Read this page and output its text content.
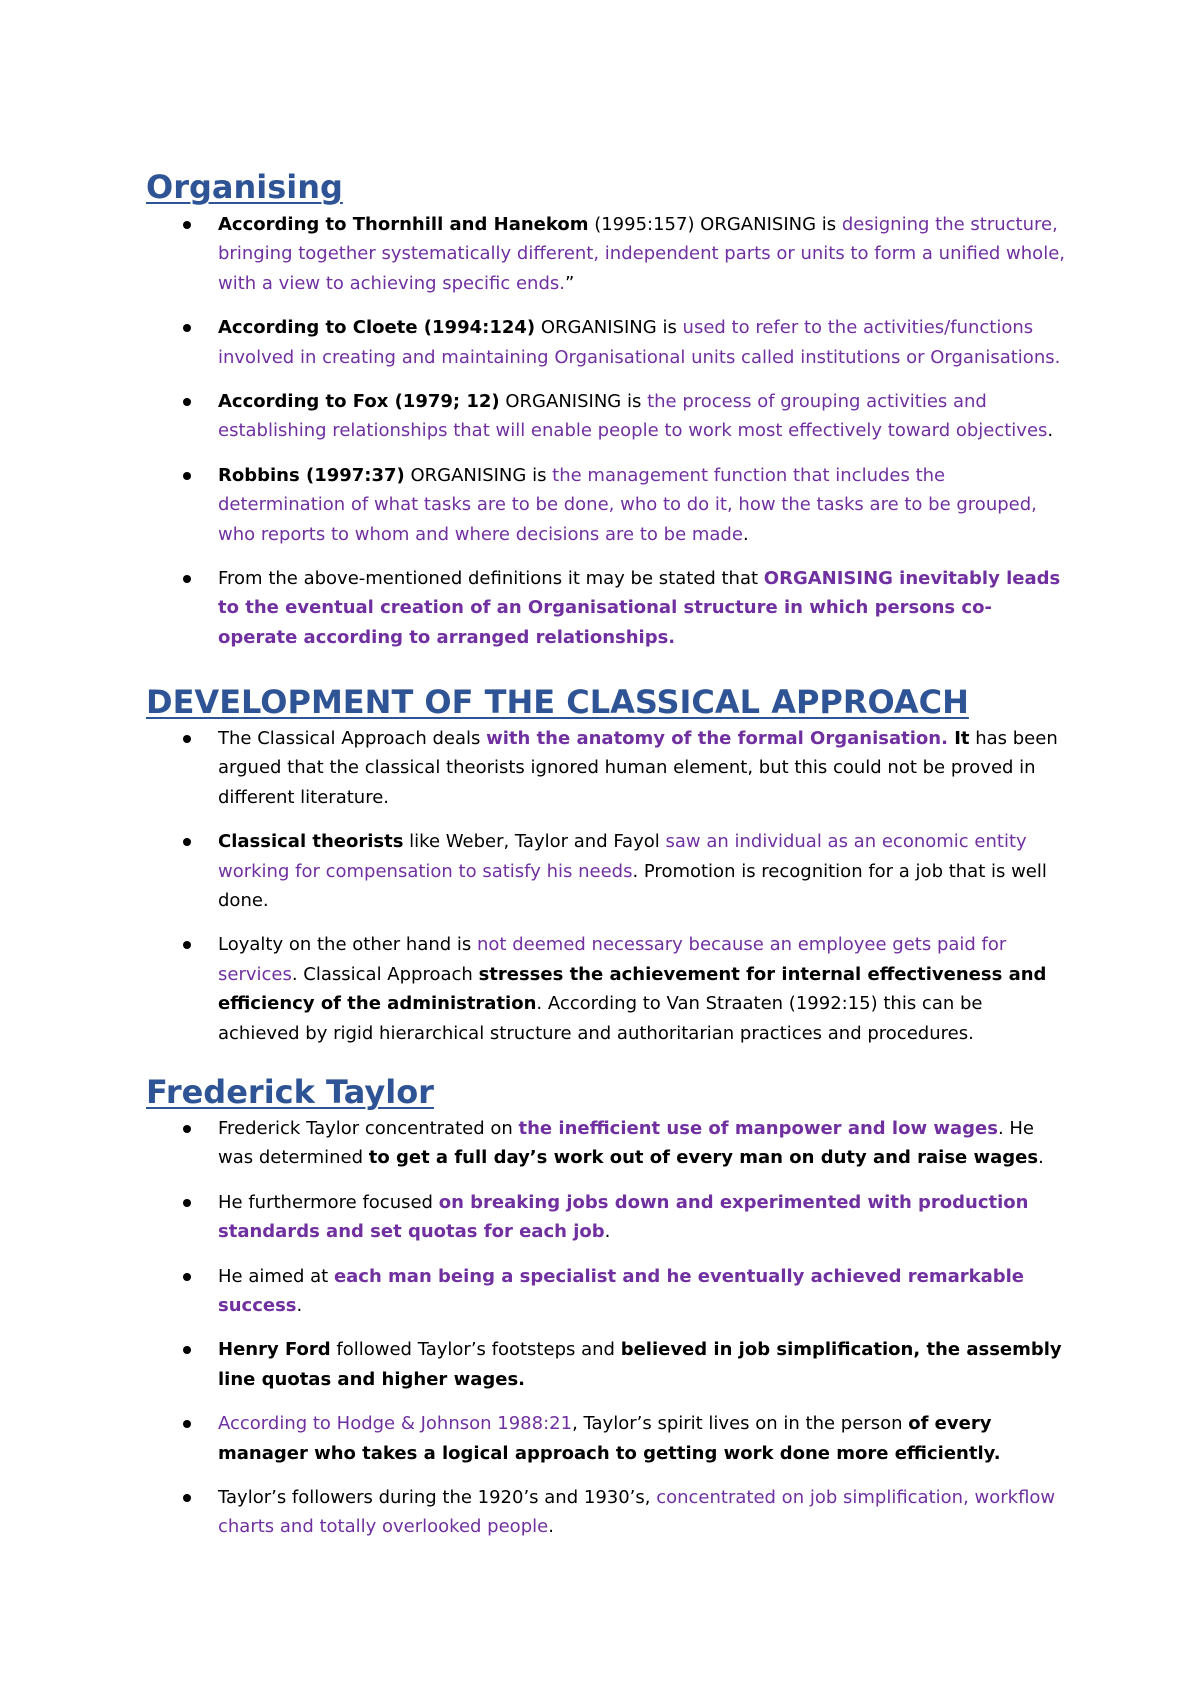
Organising
According to Thornhill and Hanekom (1995:157) ORGANISING is designing the structure, bringing together systematically different, independent parts or units to form a unified whole, with a view to achieving specific ends.”
According to Cloete (1994:124) ORGANISING is used to refer to the activities/functions involved in creating and maintaining Organisational units called institutions or Organisations.
According to Fox (1979; 12) ORGANISING is the process of grouping activities and establishing relationships that will enable people to work most effectively toward objectives.
Robbins (1997:37) ORGANISING is the management function that includes the determination of what tasks are to be done, who to do it, how the tasks are to be grouped, who reports to whom and where decisions are to be made.
From the above-mentioned definitions it may be stated that ORGANISING inevitably leads to the eventual creation of an Organisational structure in which persons co-operate according to arranged relationships.
DEVELOPMENT OF THE CLASSICAL APPROACH
The Classical Approach deals with the anatomy of the formal Organisation. It has been argued that the classical theorists ignored human element, but this could not be proved in different literature.
Classical theorists like Weber, Taylor and Fayol saw an individual as an economic entity working for compensation to satisfy his needs. Promotion is recognition for a job that is well done.
Loyalty on the other hand is not deemed necessary because an employee gets paid for services. Classical Approach stresses the achievement for internal effectiveness and efficiency of the administration. According to Van Straaten (1992:15) this can be achieved by rigid hierarchical structure and authoritarian practices and procedures.
Frederick Taylor
Frederick Taylor concentrated on the inefficient use of manpower and low wages. He was determined to get a full day’s work out of every man on duty and raise wages.
He furthermore focused on breaking jobs down and experimented with production standards and set quotas for each job.
He aimed at each man being a specialist and he eventually achieved remarkable success.
Henry Ford followed Taylor’s footsteps and believed in job simplification, the assembly line quotas and higher wages.
According to Hodge & Johnson 1988:21, Taylor’s spirit lives on in the person of every manager who takes a logical approach to getting work done more efficiently.
Taylor’s followers during the 1920’s and 1930’s, concentrated on job simplification, workflow charts and totally overlooked people.
